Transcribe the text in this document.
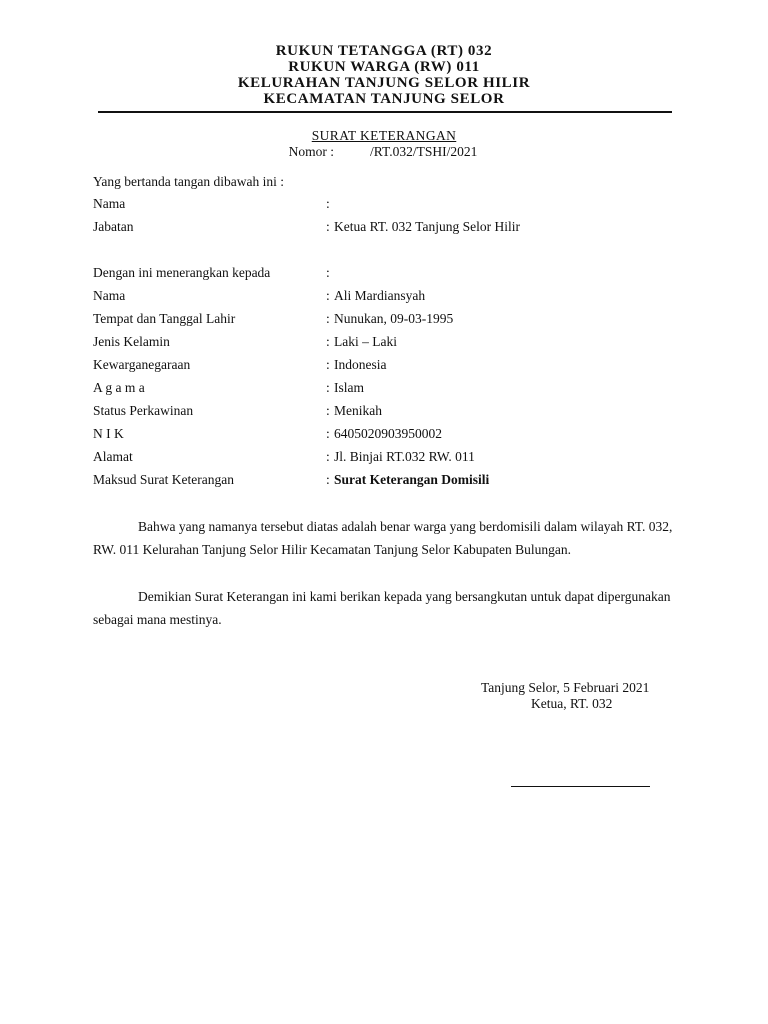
RUKUN TETANGGA (RT) 032
RUKUN WARGA (RW) 011
KELURAHAN TANJUNG SELOR HILIR
KECAMATAN TANJUNG SELOR
SURAT KETERANGAN
Nomor :	/RT.032/TSHI/2021
Yang bertanda tangan dibawah ini :
Nama	:
Jabatan	: Ketua RT. 032 Tanjung Selor Hilir
Dengan ini menerangkan kepada	:
Nama	: Ali Mardiansyah
Tempat dan Tanggal Lahir	: Nunukan, 09-03-1995
Jenis Kelamin	: Laki – Laki
Kewarganegaraan	: Indonesia
A g a m a	: Islam
Status Perkawinan	: Menikah
N I K	: 6405020903950002
Alamat	: Jl. Binjai RT.032 RW. 011
Maksud Surat Keterangan	: Surat Keterangan Domisili
Bahwa yang namanya tersebut diatas adalah benar warga yang berdomisili dalam wilayah RT. 032, RW. 011 Kelurahan Tanjung Selor Hilir Kecamatan Tanjung Selor Kabupaten Bulungan.
Demikian Surat Keterangan ini kami berikan kepada yang bersangkutan untuk dapat dipergunakan sebagai mana mestinya.
Tanjung Selor, 5 Februari 2021
Ketua, RT. 032
